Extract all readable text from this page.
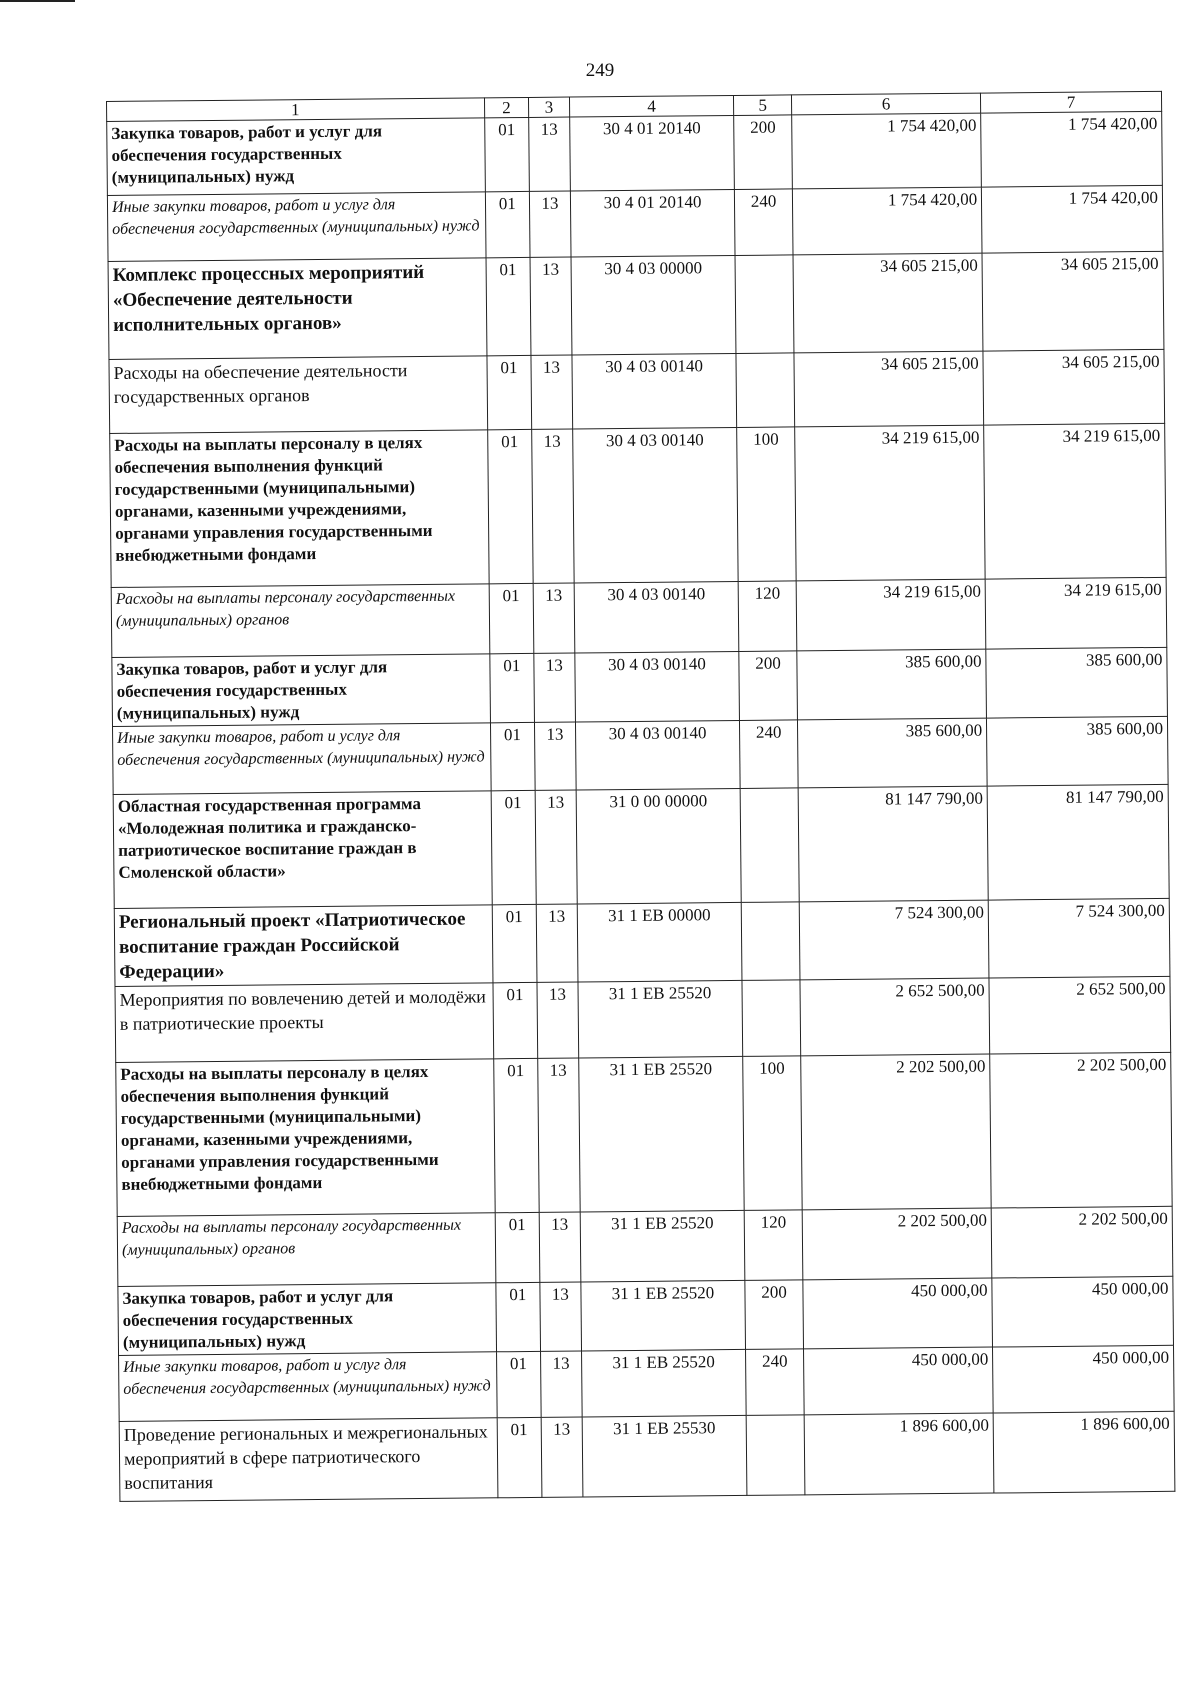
249
1	2	3	4	5	6	7
Закупка товаров, работ и услуг для обеспечения государственных (муниципальных) нужд	01	13	30 4 01 20140	200	1 754 420,00	1 754 420,00
Иные закупки товаров, работ и услуг для обеспечения государственных (муниципальных) нужд	01	13	30 4 01 20140	240	1 754 420,00	1 754 420,00
Комплекс процессных мероприятий «Обеспечение деятельности исполнительных органов»	01	13	30 4 03 00000		34 605 215,00	34 605 215,00
Расходы на обеспечение деятельности государственных органов	01	13	30 4 03 00140		34 605 215,00	34 605 215,00
Расходы на выплаты персоналу в целях обеспечения выполнения функций государственными (муниципальными) органами, казенными учреждениями, органами управления государственными внебюджетными фондами	01	13	30 4 03 00140	100	34 219 615,00	34 219 615,00
Расходы на выплаты персоналу государственных (муниципальных) органов	01	13	30 4 03 00140	120	34 219 615,00	34 219 615,00
Закупка товаров, работ и услуг для обеспечения государственных (муниципальных) нужд	01	13	30 4 03 00140	200	385 600,00	385 600,00
Иные закупки товаров, работ и услуг для обеспечения государственных (муниципальных) нужд	01	13	30 4 03 00140	240	385 600,00	385 600,00
Областная государственная программа «Молодежная политика и гражданско-патриотическое воспитание граждан в Смоленской области»	01	13	31 0 00 00000		81 147 790,00	81 147 790,00
Региональный проект «Патриотическое воспитание граждан Российской Федерации»	01	13	31 1 ЕВ 00000		7 524 300,00	7 524 300,00
Мероприятия по вовлечению детей и молодёжи в патриотические проекты	01	13	31 1 ЕВ 25520		2 652 500,00	2 652 500,00
Расходы на выплаты персоналу в целях обеспечения выполнения функций государственными (муниципальными) органами, казенными учреждениями, органами управления государственными внебюджетными фондами	01	13	31 1 ЕВ 25520	100	2 202 500,00	2 202 500,00
Расходы на выплаты персоналу государственных (муниципальных) органов	01	13	31 1 ЕВ 25520	120	2 202 500,00	2 202 500,00
Закупка товаров, работ и услуг для обеспечения государственных (муниципальных) нужд	01	13	31 1 ЕВ 25520	200	450 000,00	450 000,00
Иные закупки товаров, работ и услуг для обеспечения государственных (муниципальных) нужд	01	13	31 1 ЕВ 25520	240	450 000,00	450 000,00
Проведение региональных и межрегиональных мероприятий в сфере патриотического воспитания	01	13	31 1 ЕВ 25530		1 896 600,00	1 896 600,00
